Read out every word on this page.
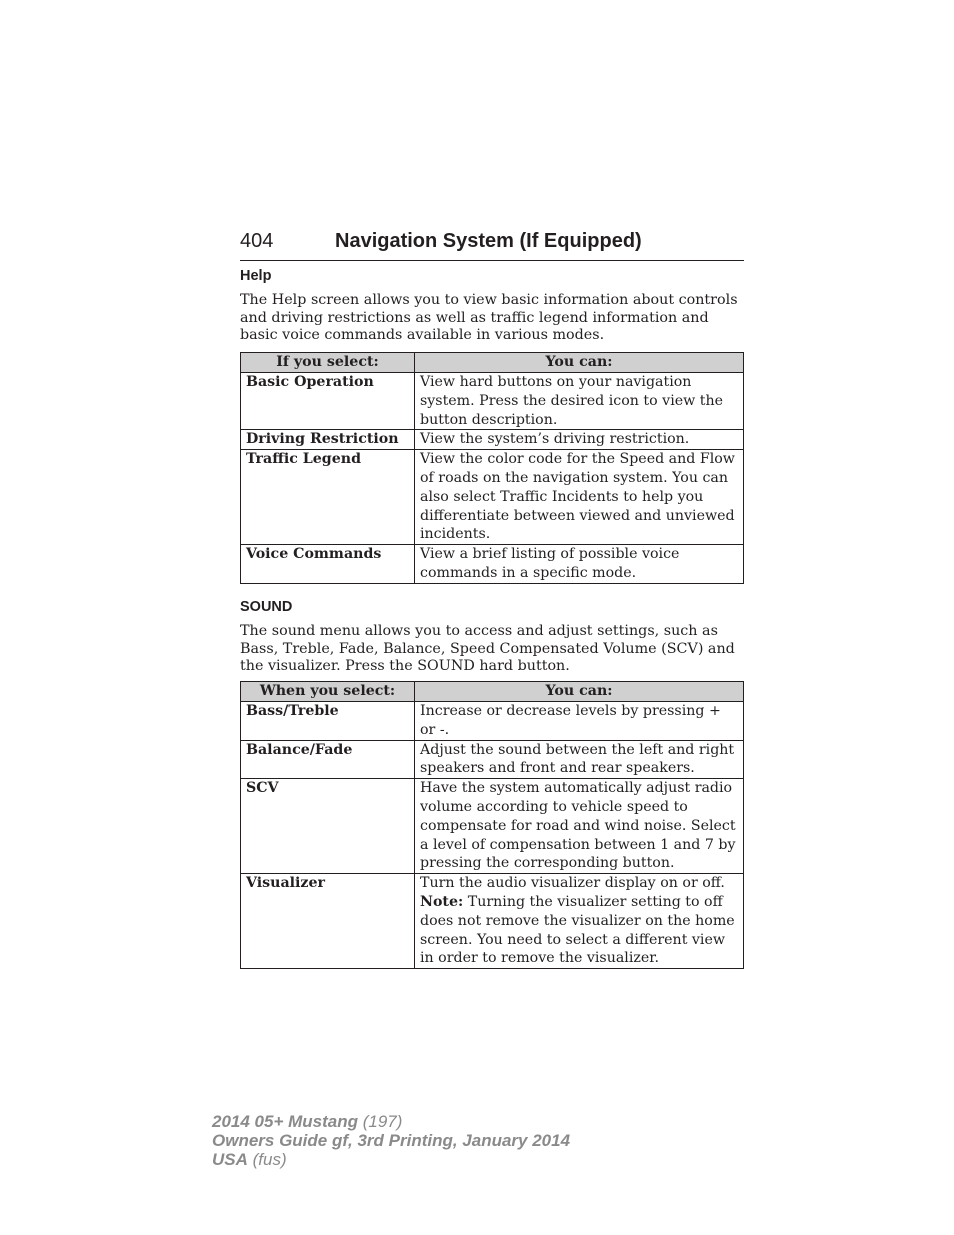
404	Navigation System (If Equipped)
Help
The Help screen allows you to view basic information about controls and driving restrictions as well as traffic legend information and basic voice commands available in various modes.
If you select:	You can:
Basic Operation	View hard buttons on your navigation system. Press the desired icon to view the button description.
Driving Restriction	View the system’s driving restriction.
Traffic Legend	View the color code for the Speed and Flow of roads on the navigation system. You can also select Traffic Incidents to help you differentiate between viewed and unviewed incidents.
Voice Commands	View a brief listing of possible voice commands in a specific mode.
SOUND
The sound menu allows you to access and adjust settings, such as Bass, Treble, Fade, Balance, Speed Compensated Volume (SCV) and the visualizer. Press the SOUND hard button.
When you select:	You can:
Bass/Treble	Increase or decrease levels by pressing + or -.
Balance/Fade	Adjust the sound between the left and right speakers and front and rear speakers.
SCV	Have the system automatically adjust radio volume according to vehicle speed to compensate for road and wind noise. Select a level of compensation between 1 and 7 by pressing the corresponding button.
Visualizer	Turn the audio visualizer display on or off.
Note: Turning the visualizer setting to off does not remove the visualizer on the home screen. You need to select a different view in order to remove the visualizer.
2014 05+ Mustang (197)
Owners Guide gf, 3rd Printing, January 2014
USA (fus)
